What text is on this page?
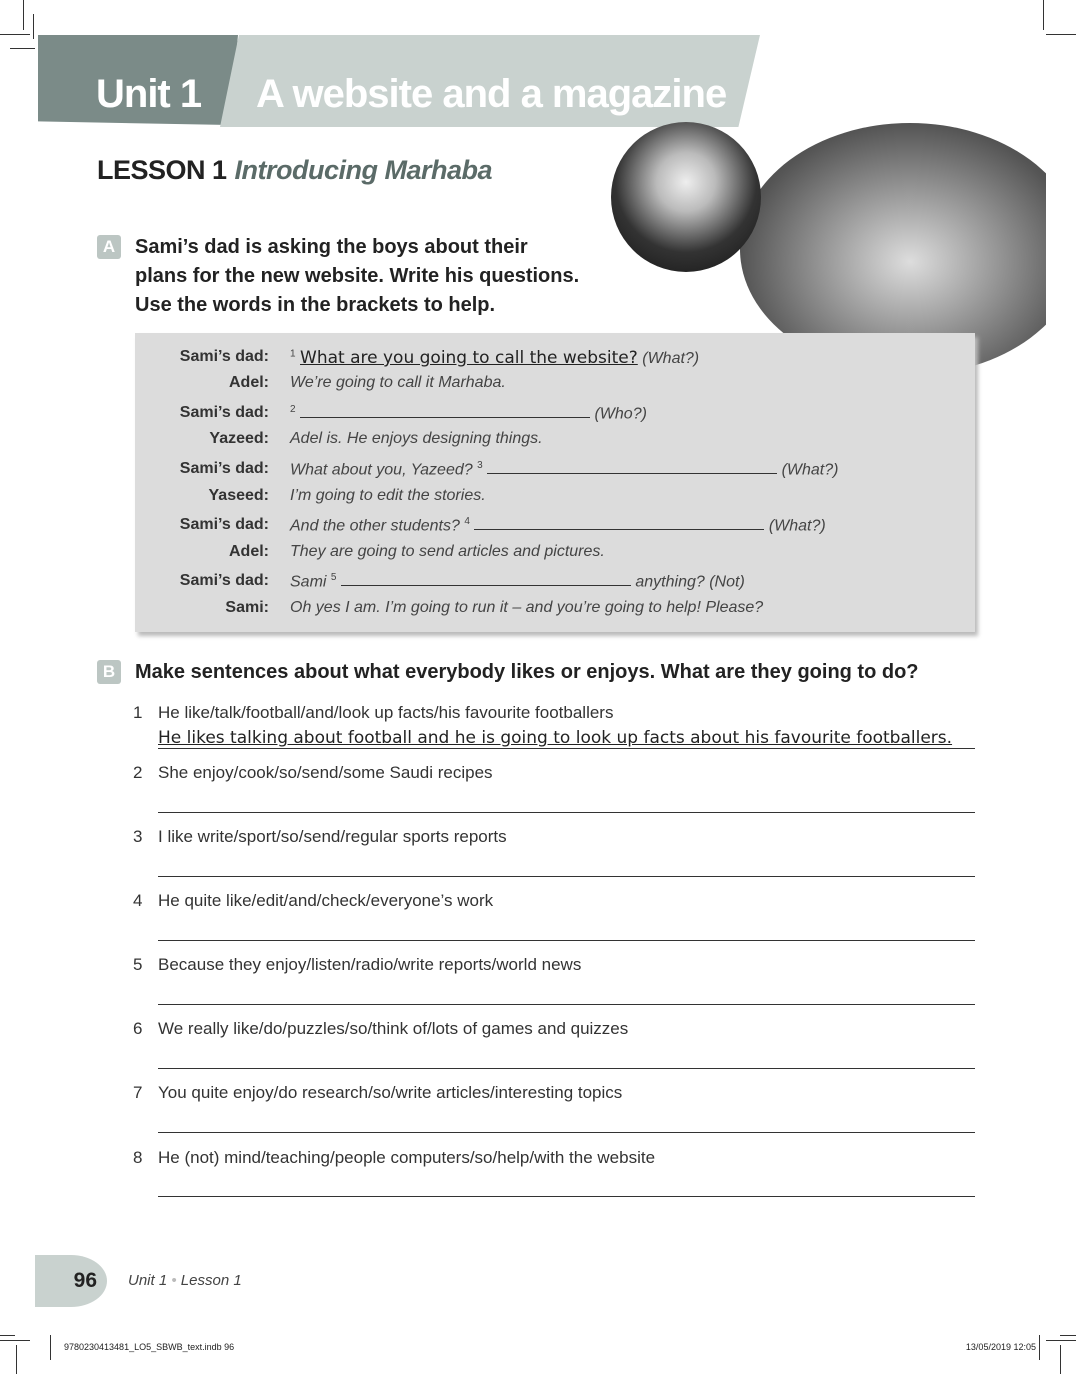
Unit 1 A website and a magazine
LESSON 1 Introducing Marhaba
A Sami’s dad is asking the boys about their
plans for the new website. Write his questions.
Use the words in the brackets to help.
Sami’s dad: $^1$ What are you going to call the website? (What?)
Adel: We’re going to call it Marhaba.
Sami’s dad: $^2$	(Who?)
Yazeed: Adel is. He enjoys designing things.
Sami’s dad: What about you, Yazeed? $^3$	(What?)
Yaseed: I’m going to edit the stories.
Sami’s dad: And the other students? $^4$	(What?)
Adel: They are going to send articles and pictures.
Sami’s dad: Sami $^5$	anything? (Not)
Sami: Oh yes I am. I’m going to run it – and you’re going to help! Please?
B Make sentences about what everybody likes or enjoys. What are they going to do?
1 He like/talk/football/and/look up facts/his favourite footballers
He likes talking about football and he is going to look up facts about his favourite footballers.
2 She enjoy/cook/so/send/some Saudi recipes
3 I like write/sport/so/send/regular sports reports
4 He quite like/edit/and/check/everyone’s work
5 Because they enjoy/listen/radio/write reports/world news
6 We really like/do/puzzles/so/think of/lots of games and quizzes
7 You quite enjoy/do research/so/write articles/interesting topics
8 He (not) mind/teaching/people computers/so/help/with the website
96	Unit 1 • Lesson 1
9780230413481_LO5_SBWB_text.indb 96	13/05/2019 12:05
